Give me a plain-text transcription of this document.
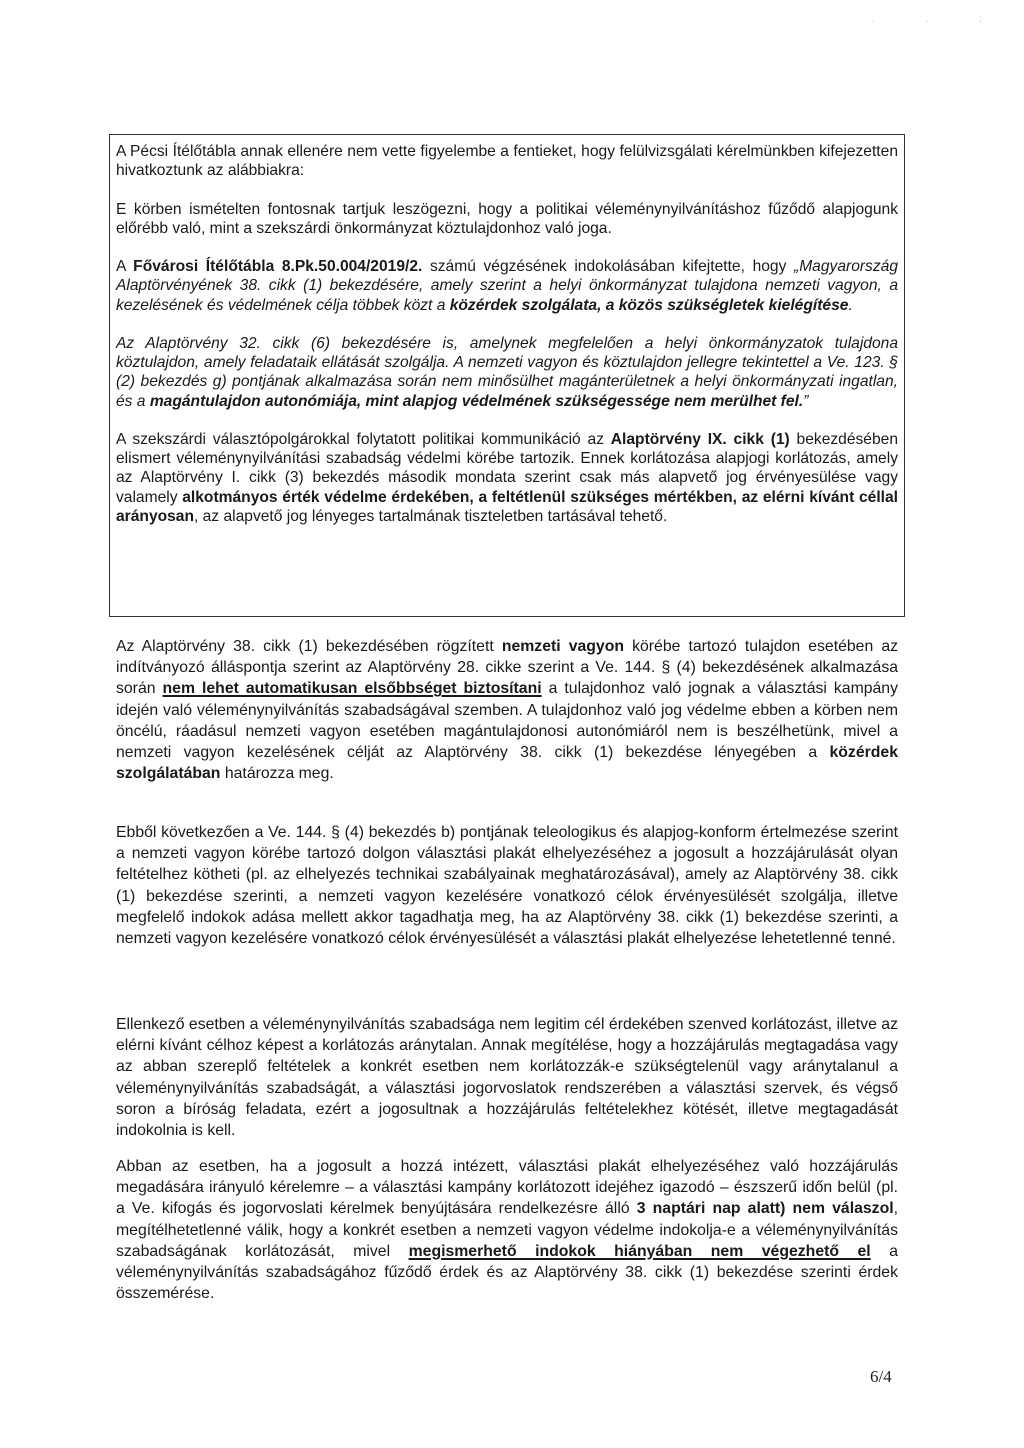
. . :

A Pécsi Ítélőtábla annak ellenére nem vette figyelembe a fentieket, hogy felülvizsgálati kérelmünkben kifejezetten hivatkoztunk az alábbiakra:

E körben ismételten fontosnak tartjuk leszögezni, hogy a politikai véleménynyilvánításhoz fűződő alapjogunk előrébb való, mint a szekszárdi önkormányzat köztulajdonhoz való joga.

A Fővárosi Ítélőtábla 8.Pk.50.004/2019/2. számú végzésének indokolásában kifejtette, hogy „Magyarország Alaptörvényének 38. cikk (1) bekezdésére, amely szerint a helyi önkormányzat tulajdona nemzeti vagyon, a kezelésének és védelmének célja többek közt a közérdek szolgálata, a közös szükségletek kielégítése.

Az Alaptörvény 32. cikk (6) bekezdésére is, amelynek megfelelően a helyi önkormányzatok tulajdona köztulajdon, amely feladataik ellátását szolgálja. A nemzeti vagyon és köztulajdon jellegre tekintettel a Ve. 123. § (2) bekezdés g) pontjának alkalmazása során nem minősülhet magánterületnek a helyi önkormányzati ingatlan, és a magántulajdon autonómiája, mint alapjog védelmének szükségessége nem merülhet fel.”

A szekszárdi választópolgárokkal folytatott politikai kommunikáció az Alaptörvény IX. cikk (1) bekezdésében elismert véleménynyilvánítási szabadság védelmi körébe tartozik. Ennek korlátozása alapjogi korlátozás, amely az Alaptörvény I. cikk (3) bekezdés második mondata szerint csak más alapvető jog érvényesülése vagy valamely alkotmányos érték védelme érdekében, a feltétlenül szükséges mértékben, az elérni kívánt céllal arányosan, az alapvető jog lényeges tartalmának tiszteletben tartásával tehető.

Az Alaptörvény 38. cikk (1) bekezdésében rögzített nemzeti vagyon körébe tartozó tulajdon esetében az indítványozó álláspontja szerint az Alaptörvény 28. cikke szerint a Ve. 144. § (4) bekezdésének alkalmazása során nem lehet automatikusan elsőbbséget biztosítani a tulajdonhoz való jognak a választási kampány idején való véleménynyilvánítás szabadságával szemben. A tulajdonhoz való jog védelme ebben a körben nem öncélú, ráadásul nemzeti vagyon esetében magántulajdonosi autonómiáról nem is beszélhetünk, mivel a nemzeti vagyon kezelésének célját az Alaptörvény 38. cikk (1) bekezdése lényegében a közérdek szolgálatában határozza meg.

Ebből következően a Ve. 144. § (4) bekezdés b) pontjának teleologikus és alapjog-konform értelmezése szerint a nemzeti vagyon körébe tartozó dolgon választási plakát elhelyezéséhez a jogosult a hozzájárulását olyan feltételhez kötheti (pl. az elhelyezés technikai szabályainak meghatározásával), amely az Alaptörvény 38. cikk (1) bekezdése szerinti, a nemzeti vagyon kezelésére vonatkozó célok érvényesülését szolgálja, illetve megfelelő indokok adása mellett akkor tagadhatja meg, ha az Alaptörvény 38. cikk (1) bekezdése szerinti, a nemzeti vagyon kezelésére vonatkozó célok érvényesülését a választási plakát elhelyezése lehetetlenné tenné.

Ellenkező esetben a véleménynyilvánítás szabadsága nem legitim cél érdekében szenved korlátozást, illetve az elérni kívánt célhoz képest a korlátozás aránytalan. Annak megítélése, hogy a hozzájárulás megtagadása vagy az abban szereplő feltételek a konkrét esetben nem korlátozzák-e szükségtelenül vagy aránytalanul a véleménynyilvánítás szabadságát, a választási jogorvoslatok rendszerében a választási szervek, és végső soron a bíróság feladata, ezért a jogosultnak a hozzájárulás feltételekhez kötését, illetve megtagadását indokolnia is kell.

Abban az esetben, ha a jogosult a hozzá intézett, választási plakát elhelyezéséhez való hozzájárulás megadására irányuló kérelemre – a választási kampány korlátozott idejéhez igazodó – észszerű időn belül (pl. a Ve. kifogás és jogorvoslati kérelmek benyújtására rendelkezésre álló 3 naptári nap alatt) nem válaszol, megítélhetetlenné válik, hogy a konkrét esetben a nemzeti vagyon védelme indokolja-e a véleménynyilvánítás szabadságának korlátozását, mivel megismerhető indokok hiányában nem végezhető el a véleménynyilvánítás szabadságához fűződő érdek és az Alaptörvény 38. cikk (1) bekezdése szerinti érdek összemérése.

6/4
